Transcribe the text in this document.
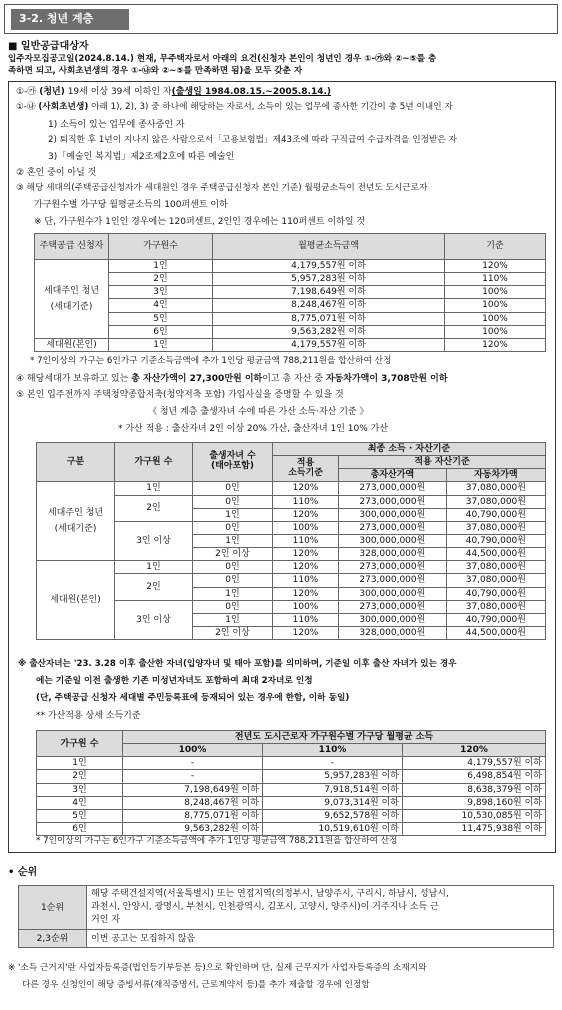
3-2. 청년 계층
■ 일반공급대상자
입주자모집공고일(2024.8.14.) 현재, 무주택자로서 아래의 요건(신청자 본인이 청년인 경우 ①-㉮와 ②~⑤를 충
족하면 되고, 사회초년생의 경우 ①-㉯와 ②~⑤를 만족하면 됨)을 모두 갖춘 자
①-㉮ (청년) 19세 이상 39세 이하인 자(출생일 1984.08.15.~2005.8.14.)
①-㉯ (사회초년생) 아래 1), 2), 3) 중 하나에 해당하는 자로서, 소득이 있는 업무에 종사한 기간이 총 5년 이내인 자
1) 소득이 있는 업무에 종사중인 자
2) 퇴직한 후 1년이 지나지 않은 사람으로서「고용보험법」제43조에 따라 구직급여 수급자격을 인정받은 자
3)「예술인 복지법」제2조제2호에 따른 예술인
② 혼인 중이 아닐 것
③ 해당 세대의(주택공급신청자가 세대원인 경우 주택공급신청자 본인 기준) 월평균소득이 전년도 도시근로자
가구원수별 가구당 월평균소득의 100퍼센트 이하
※ 단, 가구원수가 1인인 경우에는 120퍼센트, 2인인 경우에는 110퍼센트 이하일 것
주택공급 신청자	가구원수	월평균소득금액	기준
세대주인 청년
(세대기준)	1인	4,179,557원 이하	120%
	2인	5,957,283원 이하	110%
	3인	7,198,649원 이하	100%
	4인	8,248,467원 이하	100%
	5인	8,775,071원 이하	100%
	6인	9,563,282원 이하	100%
세대원(본인)	1인	4,179,557원 이하	120%
* 7인이상의 가구는 6인가구 기준소득금액에 추가 1인당 평균금액 788,211원을 합산하여 산정
④ 해당세대가 보유하고 있는 총 자산가액이 27,300만원 이하이고 총 자산 중 자동차가액이 3,708만원 이하
⑤ 본인 입주전까지 주택청약종합저축(청약저축 포함) 가입사실을 증명할 수 있을 것
《 청년 계층 출생자녀 수에 따른 가산 소득·자산 기준 》
* 가산 적용 : 출산자녀 2인 이상 20% 가산, 출산자녀 1인 10% 가산
구분	가구원 수	출생자녀 수
(태아포함)	최종 소득 · 자산기준		
			적용
소득기준	적용 자산기준	
				총자산가액	자동차가액
세대주인 청년
(세대기준)	1인	0인	120%	273,000,000원	37,080,000원
	2인	0인	110%	273,000,000원	37,080,000원
		1인	120%	300,000,000원	40,790,000원
	3인 이상	0인	100%	273,000,000원	37,080,000원
		1인	110%	300,000,000원	40,790,000원
		2인 이상	120%	328,000,000원	44,500,000원
세대원(본인)	1인	0인	120%	273,000,000원	37,080,000원
	2인	0인	110%	273,000,000원	37,080,000원
		1인	120%	300,000,000원	40,790,000원
	3인 이상	0인	100%	273,000,000원	37,080,000원
		1인	110%	300,000,000원	40,790,000원
		2인 이상	120%	328,000,000원	44,500,000원
※ 출산자녀는 '23. 3.28 이후 출산한 자녀(입양자녀 및 태아 포함)를 의미하며, 기준일 이후 출산 자녀가 있는 경우
에는 기준일 이전 출생한 기존 미성년자녀도 포함하여 최대 2자녀로 인정
(단, 주택공급 신청자 세대별 주민등록표에 등재되어 있는 경우에 한함, 이하 동일)
** 가산적용 상세 소득기준
가구원 수	전년도 도시근로자 가구원수별 가구당 월평균 소득		
	100%	110%	120%
1인	-	-	4,179,557원 이하
2인	-	5,957,283원 이하	6,498,854원 이하
3인	7,198,649원 이하	7,918,514원 이하	8,638,379원 이하
4인	8,248,467원 이하	9,073,314원 이하	9,898,160원 이하
5인	8,775,071원 이하	9,652,578원 이하	10,530,085원 이하
6인	9,563,282원 이하	10,519,610원 이하	11,475,938원 이하
* 7인이상의 가구는 6인가구 기준소득금액에 추가 1인당 평균금액 788,211원을 합산하여 산정
• 순위
1순위	해당 주택건설지역(서울특별시) 또는 연접지역(의정부시, 남양주시, 구리시, 하남시, 성남시,
과천시, 안양시, 광명시, 부천시, 인천광역시, 김포시, 고양시, 양주시)이 거주지나 소득 근
거인 자

2,3순위	이번 공고는 모집하지 않음
※ '소득 근거지'란 사업자등록증(법인등기부등본 등)으로 확인하며 단, 실제 근무지가 사업자등록증의 소재지와
다른 경우 신청인이 해당 증빙서류(재직증명서, 근로계약서 등)를 추가 제출할 경우에 인정함
